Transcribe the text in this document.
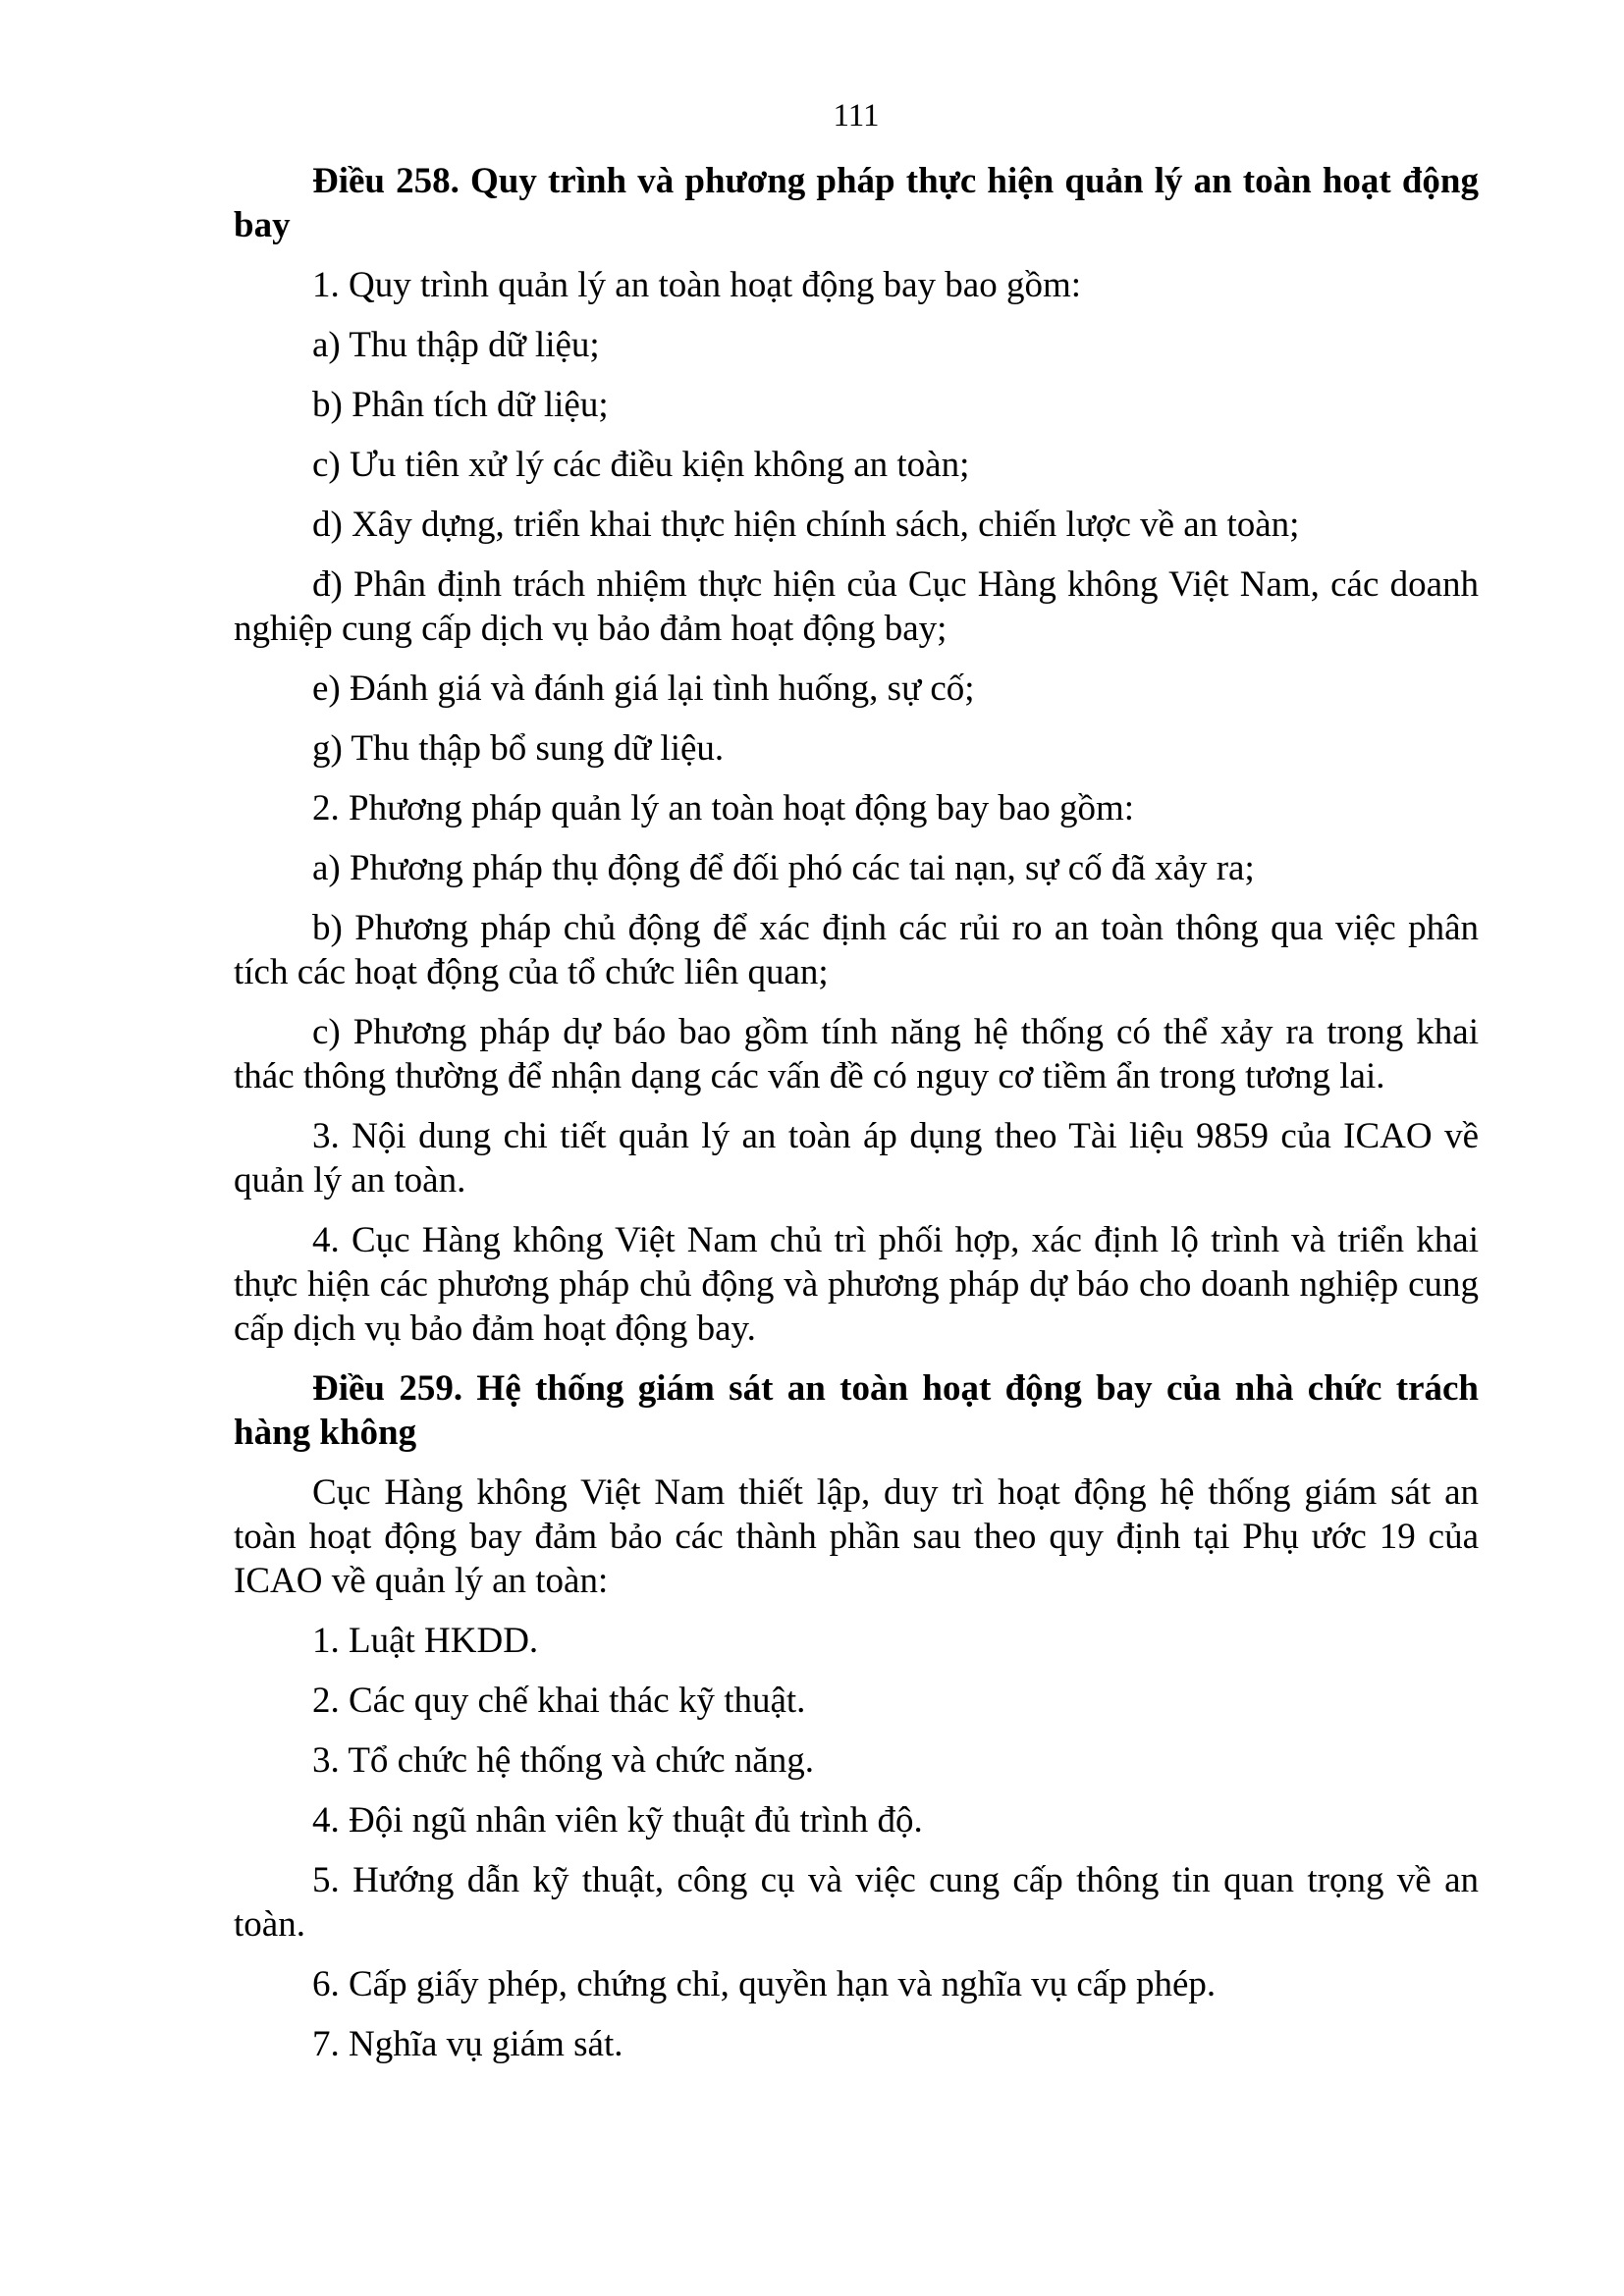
111

Điều 258. Quy trình và phương pháp thực hiện quản lý an toàn hoạt động bay

1. Quy trình quản lý an toàn hoạt động bay bao gồm:

a) Thu thập dữ liệu;

b) Phân tích dữ liệu;

c) Ưu tiên xử lý các điều kiện không an toàn;

d) Xây dựng, triển khai thực hiện chính sách, chiến lược về an toàn;

đ) Phân định trách nhiệm thực hiện của Cục Hàng không Việt Nam, các doanh nghiệp cung cấp dịch vụ bảo đảm hoạt động bay;

e) Đánh giá và đánh giá lại tình huống, sự cố;

g) Thu thập bổ sung dữ liệu.

2. Phương pháp quản lý an toàn hoạt động bay bao gồm:

a) Phương pháp thụ động để đối phó các tai nạn, sự cố đã xảy ra;

b) Phương pháp chủ động để xác định các rủi ro an toàn thông qua việc phân tích các hoạt động của tổ chức liên quan;

c) Phương pháp dự báo bao gồm tính năng hệ thống có thể xảy ra trong khai thác thông thường để nhận dạng các vấn đề có nguy cơ tiềm ẩn trong tương lai.

3. Nội dung chi tiết quản lý an toàn áp dụng theo Tài liệu 9859 của ICAO về quản lý an toàn.

4. Cục Hàng không Việt Nam chủ trì phối hợp, xác định lộ trình và triển khai thực hiện các phương pháp chủ động và phương pháp dự báo cho doanh nghiệp cung cấp dịch vụ bảo đảm hoạt động bay.

Điều 259. Hệ thống giám sát an toàn hoạt động bay của nhà chức trách hàng không

Cục Hàng không Việt Nam thiết lập, duy trì hoạt động hệ thống giám sát an toàn hoạt động bay đảm bảo các thành phần sau theo quy định tại Phụ ước 19 của ICAO về quản lý an toàn:

1. Luật HKDD.

2. Các quy chế khai thác kỹ thuật.

3. Tổ chức hệ thống và chức năng.

4. Đội ngũ nhân viên kỹ thuật đủ trình độ.

5. Hướng dẫn kỹ thuật, công cụ và việc cung cấp thông tin quan trọng về an toàn.

6. Cấp giấy phép, chứng chỉ, quyền hạn và nghĩa vụ cấp phép.

7. Nghĩa vụ giám sát.
